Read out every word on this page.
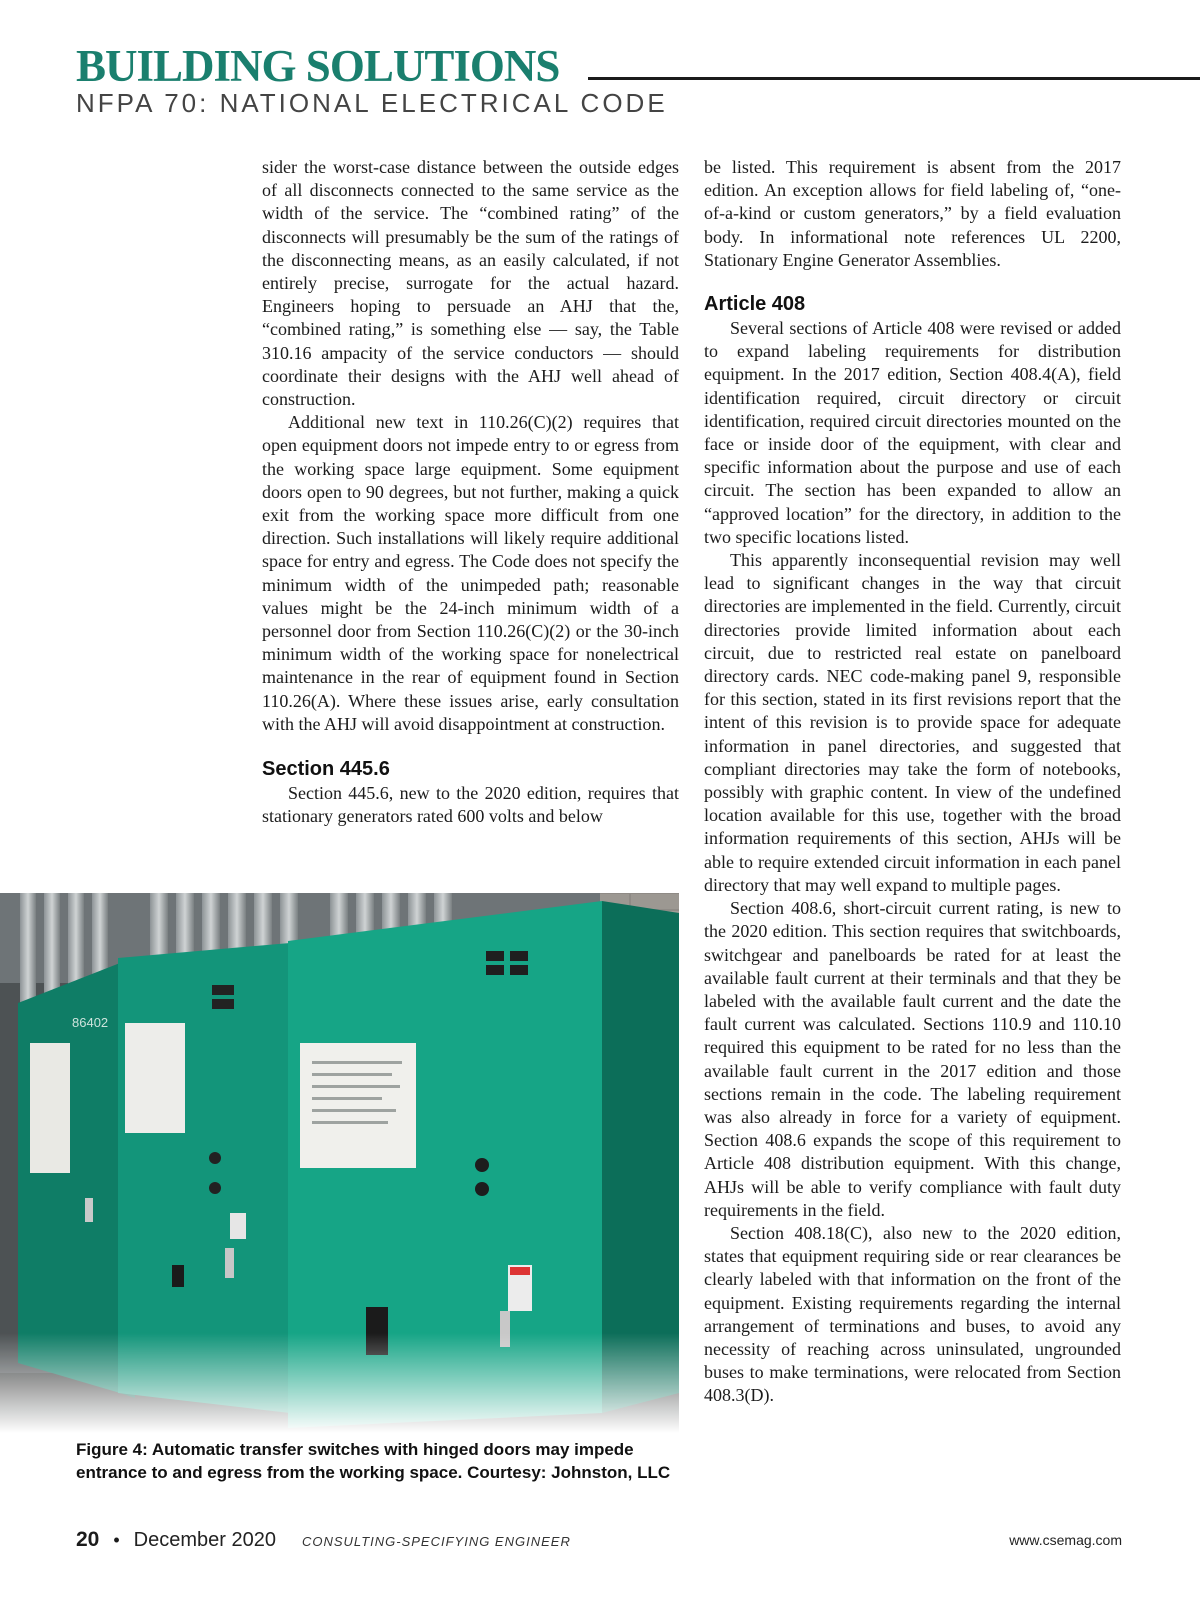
BUILDING SOLUTIONS
NFPA 70: NATIONAL ELECTRICAL CODE

sider the worst-case distance between the outside edges of all disconnects connected to the same service as the width of the service. The “combined rating” of the disconnects will presumably be the sum of the ratings of the disconnecting means, as an easily calculated, if not entirely precise, surrogate for the actual hazard. Engineers hoping to persuade an AHJ that the, “combined rating,” is something else — say, the Table 310.16 ampacity of the service conductors — should coordinate their designs with the AHJ well ahead of construction.

Additional new text in 110.26(C)(2) requires that open equipment doors not impede entry to or egress from the working space large equipment. Some equipment doors open to 90 degrees, but not further, making a quick exit from the working space more difficult from one direction. Such installations will likely require additional space for entry and egress. The Code does not specify the minimum width of the unimpeded path; reasonable values might be the 24-inch minimum width of a personnel door from Section 110.26(C)(2) or the 30-inch minimum width of the working space for nonelectrical maintenance in the rear of equipment found in Section 110.26(A). Where these issues arise, early consultation with the AHJ will avoid disappointment at construction.

Section 445.6

Section 445.6, new to the 2020 edition, requires that stationary generators rated 600 volts and below

be listed. This requirement is absent from the 2017 edition. An exception allows for field labeling of, “one-of-a-kind or custom generators,” by a field evaluation body. In informational note references UL 2200, Stationary Engine Generator Assemblies.

Article 408

Several sections of Article 408 were revised or added to expand labeling requirements for distribution equipment. In the 2017 edition, Section 408.4(A), field identification required, circuit directory or circuit identification, required circuit directories mounted on the face or inside door of the equipment, with clear and specific information about the purpose and use of each circuit. The section has been expanded to allow an “approved location” for the directory, in addition to the two specific locations listed.

This apparently inconsequential revision may well lead to significant changes in the way that circuit directories are implemented in the field. Currently, circuit directories provide limited information about each circuit, due to restricted real estate on panelboard directory cards. NEC code-making panel 9, responsible for this section, stated in its first revisions report that the intent of this revision is to provide space for adequate information in panel directories, and suggested that compliant directories may take the form of notebooks, possibly with graphic content. In view of the undefined location available for this use, together with the broad information requirements of this section, AHJs will be able to require extended circuit information in each panel directory that may well expand to multiple pages.

Section 408.6, short-circuit current rating, is new to the 2020 edition. This section requires that switchboards, switchgear and panelboards be rated for at least the available fault current at their terminals and that they be labeled with the available fault current and the date the fault current was calculated. Sections 110.9 and 110.10 required this equipment to be rated for no less than the available fault current in the 2017 edition and those sections remain in the code. The labeling requirement was also already in force for a variety of equipment. Section 408.6 expands the scope of this requirement to Article 408 distribution equipment. With this change, AHJs will be able to verify compliance with fault duty requirements in the field.

Section 408.18(C), also new to the 2020 edition, states that equipment requiring side or rear clearances be clearly labeled with that information on the front of the equipment. Existing requirements regarding the internal arrangement of terminations and buses, to avoid any necessity of reaching across uninsulated, ungrounded buses to make terminations, were relocated from Section 408.3(D).

86402
Figure 4: Automatic transfer switches with hinged doors may impede entrance to and egress from the working space. Courtesy: Johnston, LLC
20 • December 2020 CONSULTING-SPECIFYING ENGINEER	www.csemag.com
